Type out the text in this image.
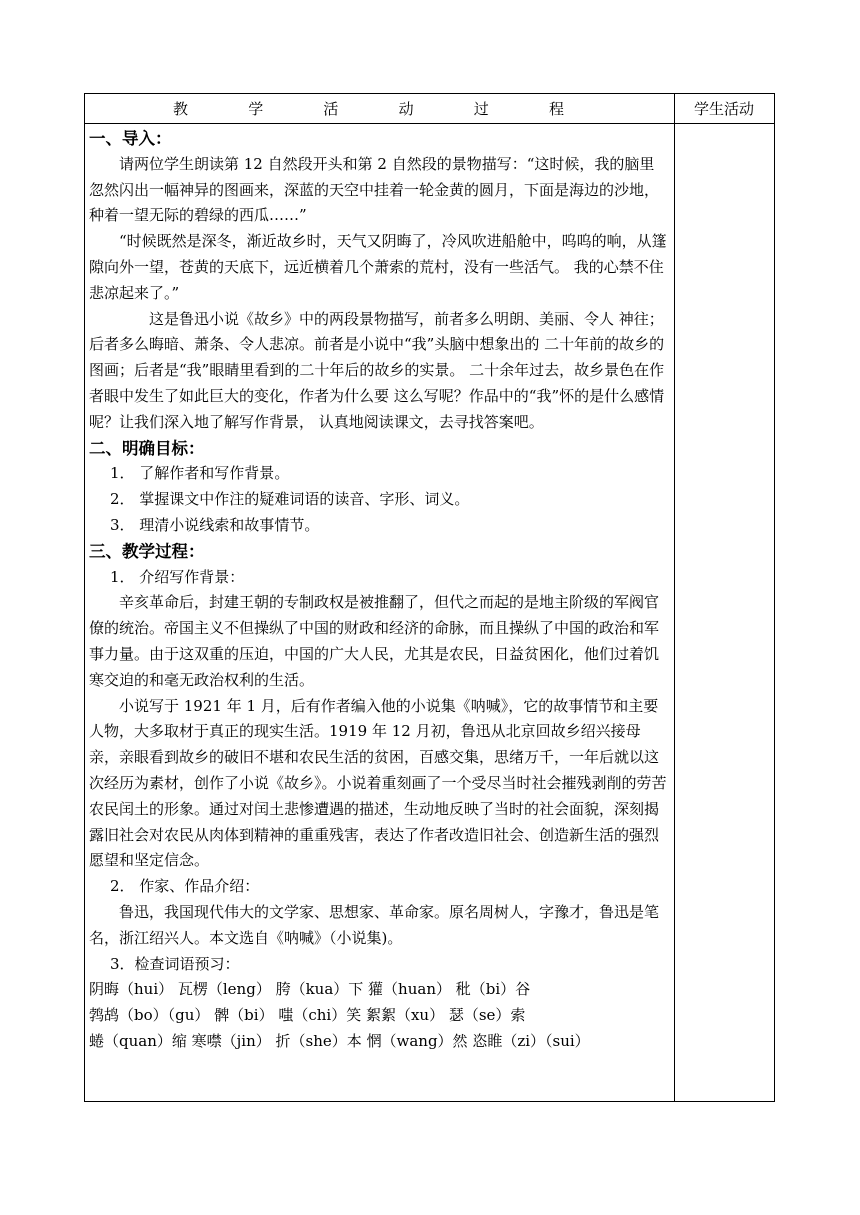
教	学	活	动	过	程	学生活动

一、导入：

请两位学生朗读第 12 自然段开头和第 2 自然段的景物描写：“这时候，我的脑里忽然闪出一幅神异的图画来，深蓝的天空中挂着一轮金黄的圆月，下面是海边的沙地，种着一望无际的碧绿的西瓜……”

“时候既然是深冬，渐近故乡时，天气又阴晦了，冷风吹进船舱中，呜呜的响，从篷隙向外一望，苍黄的天底下，远近横着几个萧索的荒村，没有一些活气。 我的心禁不住悲凉起来了。”

这是鲁迅小说《故乡》中的两段景物描写，前者多么明朗、美丽、令人 神往；后者多么晦暗、萧条、令人悲凉。前者是小说中“我”头脑中想象出的 二十年前的故乡的图画；后者是“我”眼睛里看到的二十年后的故乡的实景。 二十余年过去，故乡景色在作者眼中发生了如此巨大的变化，作者为什么要 这么写呢？作品中的“我”怀的是什么感情呢？让我们深入地了解写作背景， 认真地阅读课文，去寻找答案吧。

二、明确目标：

1． 了解作者和写作背景。

2． 掌握课文中作注的疑难词语的读音、字形、词义。

3． 理清小说线索和故事情节。

三、教学过程：

1． 介绍写作背景：

辛亥革命后，封建王朝的专制政权是被推翻了，但代之而起的是地主阶级的军阀官僚的统治。帝国主义不但操纵了中国的财政和经济的命脉，而且操纵了中国的政治和军事力量。由于这双重的压迫，中国的广大人民，尤其是农民，日益贫困化，他们过着饥寒交迫的和毫无政治权利的生活。

小说写于 1921 年 1 月，后有作者编入他的小说集《呐喊》，它的故事情节和主要人物，大多取材于真正的现实生活。1919 年 12 月初，鲁迅从北京回故乡绍兴接母亲，亲眼看到故乡的破旧不堪和农民生活的贫困，百感交集，思绪万千，一年后就以这次经历为素材，创作了小说《故乡》。小说着重刻画了一个受尽当时社会摧残剥削的劳苦农民闰土的形象。通过对闰土悲惨遭遇的描述，生动地反映了当时的社会面貌，深刻揭露旧社会对农民从肉体到精神的重重残害，表达了作者改造旧社会、创造新生活的强烈愿望和坚定信念。

2． 作家、作品介绍：

鲁迅，我国现代伟大的文学家、思想家、革命家。原名周树人，字豫才，鲁迅是笔名，浙江绍兴人。本文选自《呐喊》（小说集)。

3．检查词语预习：

阴晦（hui） 瓦楞（leng） 胯（kua）下 獾（huan） 秕（bi）谷

鹁鸪（bo）（gu） 髀（bi） 嗤（chi）笑 絮絮（xu） 瑟（se）索

蜷（quan）缩 寒噤（jin） 折（she）本 惘（wang）然 恣睢（zi）（sui）
